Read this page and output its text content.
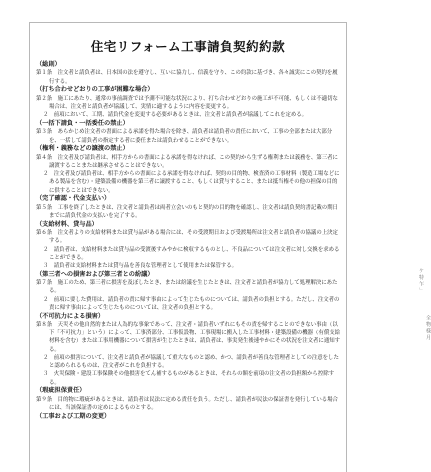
住宅リフォーム工事請負契約約款
（総則）
第１条　注文者と請負者は、日本国の法を遵守し、互いに協力し、信義を守り、この約款に基づき、各々誠実にこの契約を履行する。
（打ち合わせどおりの工事が困難な場合）
第２条　施工にあたり、通常の事前調査では予測不可能な状況により、打ち合わせどおりの施工が不可能、もしくは不適切な場合は、注文者と請負者が協議して、実情に適するように内容を変更する。
２　前項において、工期、請負代金を変更する必要があるときは、注文者と請負者が協議してこれを定める。
（一括下請負・一括委任の禁止）
第３条　あらかじめ注文者の書面による承諾を得た場合を除き、請負者は請負者の責任において、工事の全部または大部分を、一括して請負者の指定する者に委任または請負わせることができない。
（権利・義務などの譲渡の禁止）
第４条　注文者及び請負者は、相手方からの書面による承諾を得なければ、この契約から生ずる権利または義務を、第三者に譲渡することまたは継承させることはできない。
２　注文者及び請負者は、相手方からの書面による承諾を得なければ、契約の目的物、検査済の工事材料（製造工場などにある製品を含む）・建築設備の機器を第三者に譲渡すること、もしくは貸与すること、または抵当権その他の担保の目的に供することはできない。
（完了確認・代金支払い）
第５条　工事を終了したときは、注文者と請負者は両者立会いのもと契約の目的物を確認し、注文者は請負契約書記載の期日までに請負代金の支払いを完了する。
（支給材料、貸与品）
第６条　注文者よりの支給材料または貸与品がある場合には、その受渡期日および受渡場所は注文者と請負者の協議の上決定する。
２　請負者は、支給材料または貸与品の受渡後すみやかに検収するものとし、不良品については注文者に対し交換を求めることができる。
３　請負者は支給材料または貸与品を善良な管理者として使用または保管する。
（第三者への損害および第三者との紛議）
第７条　施工のため、第三者に損害を及ぼしたとき、または紛議を生じたときは、注文者と請負者が協力して処理解決にあたる。
２　前項に要した費用は、請負者の責に帰す事由によって生じたものについては、請負者の負担とする。ただし、注文者の責に帰す事由によって生じたものについては、注文者の負担とする。
（不可抗力による損害）
第８条　天災その他自然的または人為的な事象であって、注文者・請負者いずれにもその責を帰することのできない事由（以下「不可抗力」という）によって、工事済部分、工事仮設物、工事現場に搬入した工事材料・建築設備の機器（有償支給材料を含む）または工事用機器について損害が生じたときは、請負者は、事実発生後速やかにその状況を注文者に通知する。
２　前項の損害について、注文者と請負者が協議して重大なものと認め、かつ、請負者が善良な管理者としての注意をしたと認められるものは、注文者がこれを負担する。
３　火災保険・建設工事保険その他損害をてん補するものがあるときは、それらの額を前項の注文者の負担額から控除する。
（瑕疵担保責任）
第９条　目的物に瑕疵があるときは、請負者は民法に定める責任を負う。ただし、請負者が民法の保証書を発行している場合には、当該保証書の定めによるものとする。
（工事および工期の変更）
ケ 特 乍 」
全 物 様 月
